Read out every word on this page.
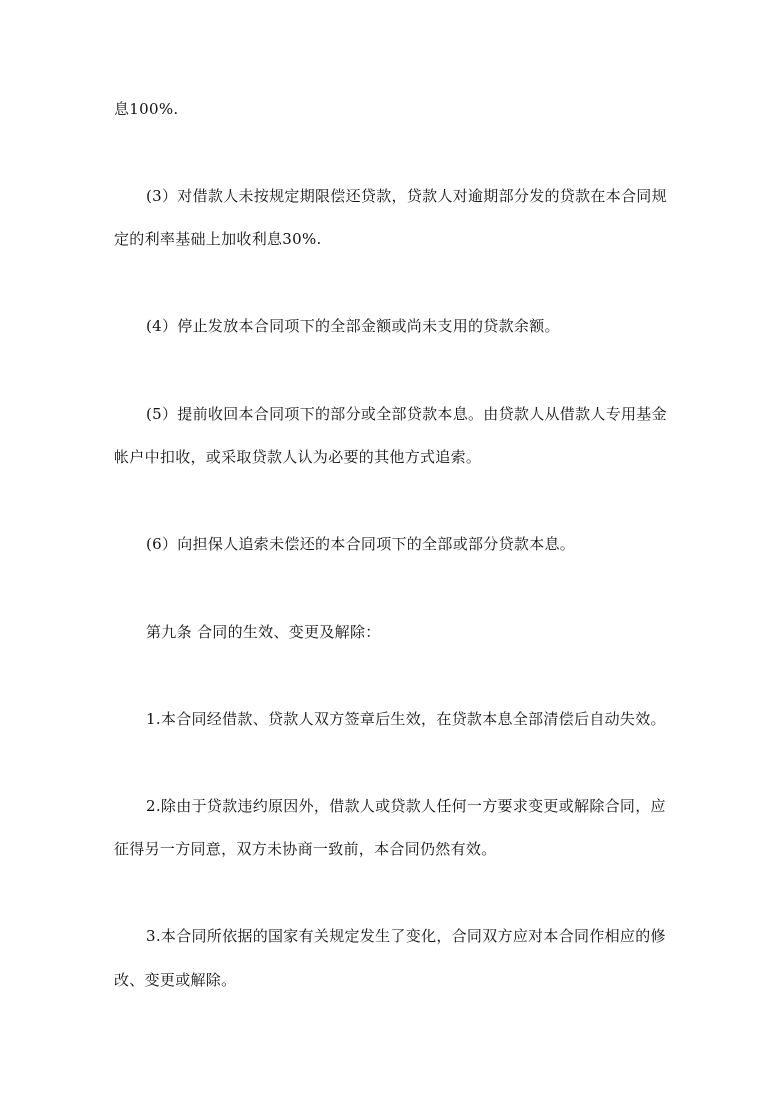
息100%.
(3）对借款人未按规定期限偿还贷款，贷款人对逾期部分发的贷款在本合同规
定的利率基础上加收利息30%.
(4）停止发放本合同项下的全部金额或尚未支用的贷款余额。
(5）提前收回本合同项下的部分或全部贷款本息。由贷款人从借款人专用基金
帐户中扣收，或采取贷款人认为必要的其他方式追索。
(6）向担保人追索未偿还的本合同项下的全部或部分贷款本息。
第九条 合同的生效、变更及解除：
1.本合同经借款、贷款人双方签章后生效，在贷款本息全部清偿后自动失效。
2.除由于贷款违约原因外，借款人或贷款人任何一方要求变更或解除合同，应
征得另一方同意，双方未协商一致前，本合同仍然有效。
3.本合同所依据的国家有关规定发生了变化，合同双方应对本合同作相应的修
改、变更或解除。
